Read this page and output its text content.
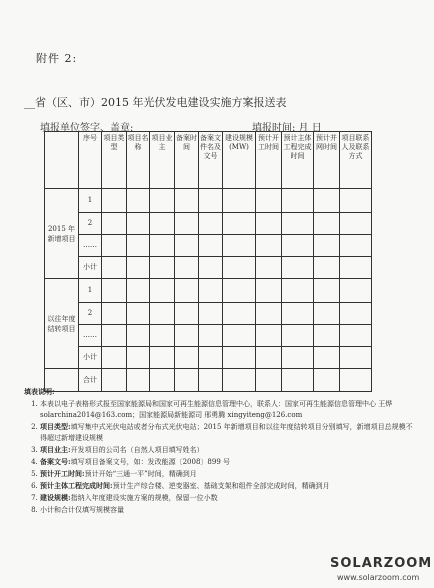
附件 2:
__省（区、市）2015 年光伏发电建设实施方案报送表
填报单位签字、盖章:	填报时间: 月 日
	序号	项目类型	项目名称	项目业主	备案时间	备案文件名及文号	建设规模(MW)	预计开工时间	预计主体工程完成时间	预计并网时间	项目联系人及联系方式
2015 年新增项目	1										
	2										
	……										
	小计										
以往年度结转项目	1										
	2										
	……										
	小计										
	合计										
填表说明:
1. 本表以电子表格形式报至国家能源局和国家可再生能源信息管理中心，联系人：国家可再生能源信息管理中心 王烨 solarchina2014@163.com；国家能源局新能源司 邢勇腾 xingyiteng@126.com
2. 项目类型:填写集中式光伏电站或者分布式光伏电站；2015 年新增项目和以往年度结转项目分别填写，新增项目总规模不得超过新增建设规模
3. 项目业主:开发项目的公司名（自然人项目填写姓名）
4. 备案文号:填写项目备案文号，如：发改能源〔2008〕899 号
5. 预计开工时间:预计开始“三通一平”时间，精确到月
6. 预计主体工程完成时间:预计生产综合楼、逆变器室、基础支架和组件全部完成时间，精确到月
7. 建设规模:指纳入年度建设实施方案的规模，保留一位小数
8. 小计和合计仅填写规模容量
SOLARZOOM
www.solarzoom.com
